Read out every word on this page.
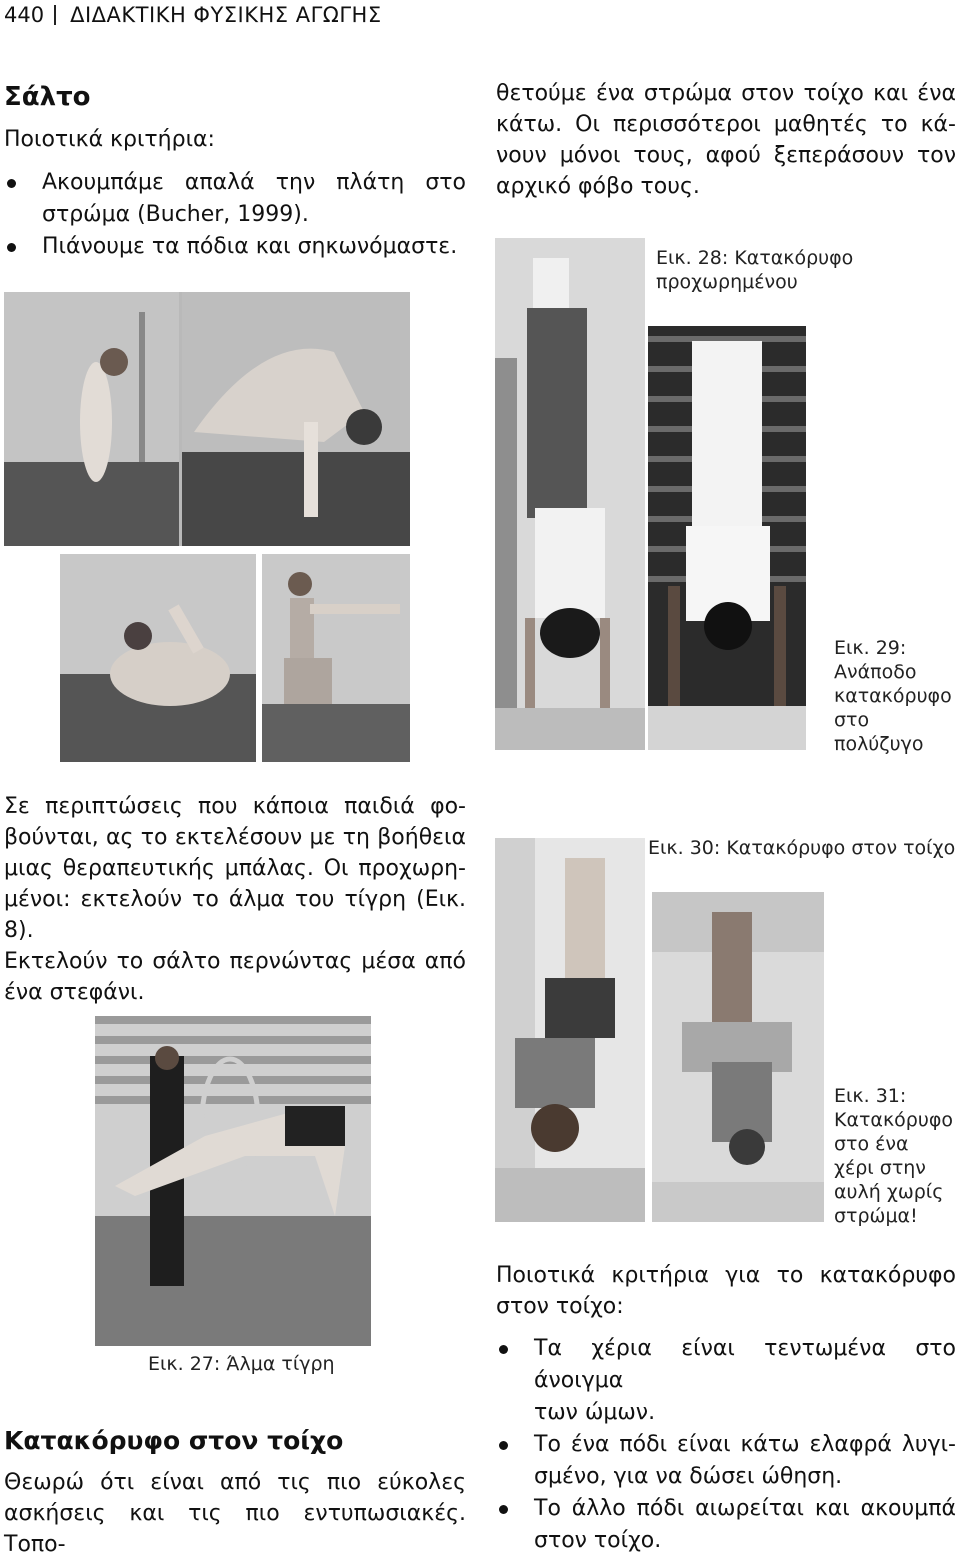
440 ΔΙΔΑΚΤΙΚΗ ΦΥΣΙΚΗΣ ΑΓΩΓΗΣ
Σάλτο
Ποιοτικά κριτήρια:
Ακουμπάμε απαλά την πλάτη στο
στρώμα (Bucher, 1999).
Πιάνουμε τα πόδια και σηκωνόμαστε.
Σε περιπτώσεις που κάποια παιδιά φο-
βούνται, ας το εκτελέσουν με τη βοήθεια
μιας θεραπευτικής μπάλας. Οι προχωρη-
μένοι: εκτελούν το άλμα του τίγρη (Εικ. 8).
Εκτελούν το σάλτο περνώντας μέσα από
ένα στεφάνι.
Εικ. 27: Άλμα τίγρη
Κατακόρυφο στον τοίχο
Θεωρώ ότι είναι από τις πιο εύκολες
ασκήσεις και τις πιο εντυπωσιακές. Τοπο-
θετούμε ένα στρώμα στον τοίχο και ένα
κάτω. Οι περισσότεροι μαθητές το κά-
νουν μόνοι τους, αφού ξεπεράσουν τον
αρχικό φόβο τους.
Εικ. 28: Κατακόρυφο
προχωρημένου
Εικ. 29:
Ανάποδο
κατακόρυφο
στο
πολύζυγο
Εικ. 30: Κατακόρυφο στον τοίχο
Εικ. 31:
Κατακόρυφο
στο ένα
χέρι στην
αυλή χωρίς
στρώμα!
Ποιοτικά κριτήρια για το κατακόρυφο
στον τοίχο:
Τα χέρια είναι τεντωμένα στο άνοιγμα
των ώμων.
Το ένα πόδι είναι κάτω ελαφρά λυγι-
σμένο, για να δώσει ώθηση.
Το άλλο πόδι αιωρείται και ακουμπά
στον τοίχο.
